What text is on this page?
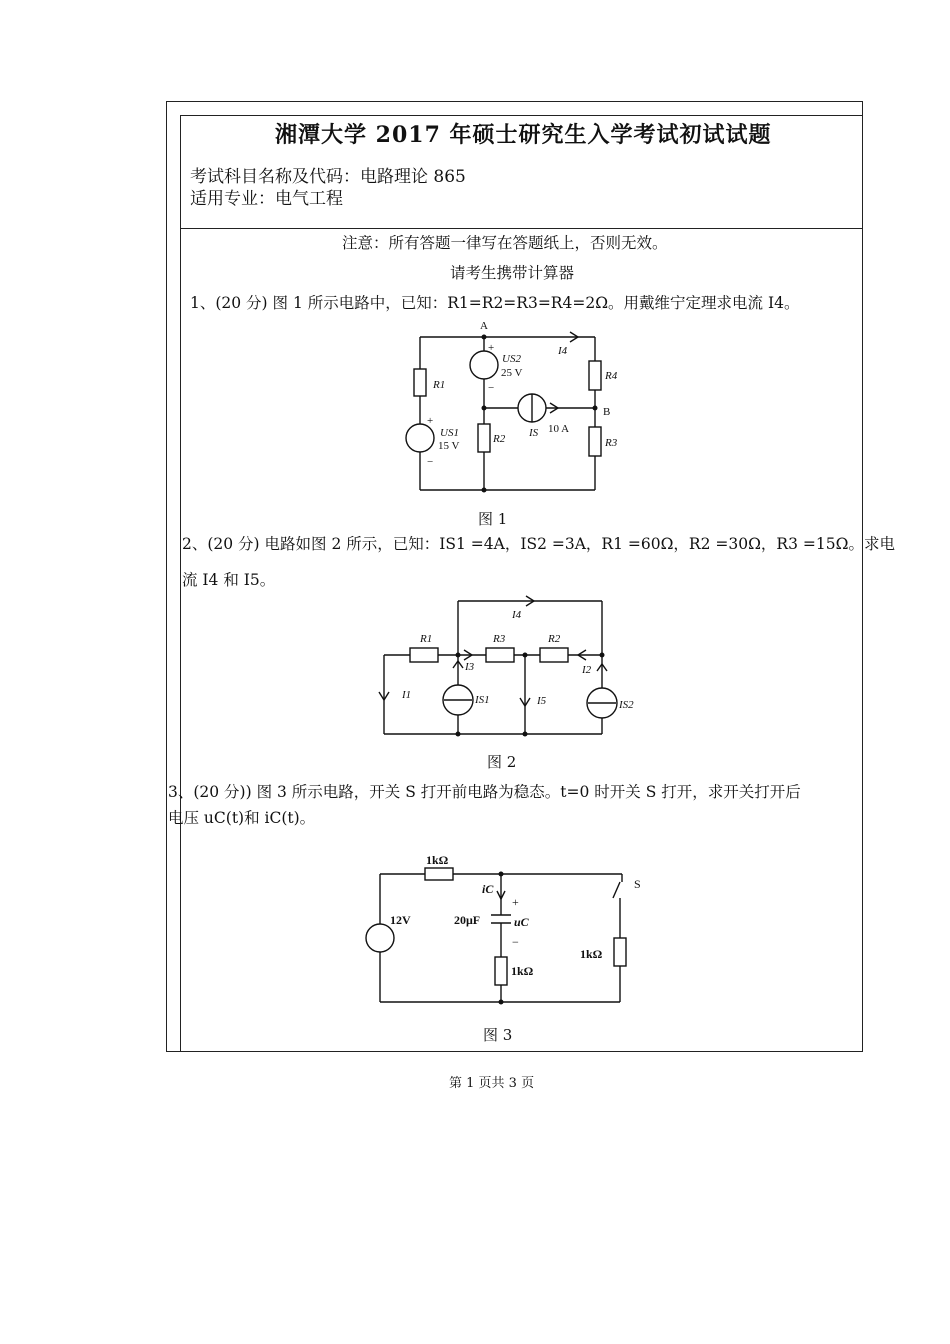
湘潭大学 2017 年硕士研究生入学考试初试试题
考试科目名称及代码：电路理论 865
适用专业：电气工程
注意：所有答题一律写在答题纸上，否则无效。
请考生携带计算器
1、(20 分) 图 1 所示电路中，已知：R1=R2=R3=R4=2Ω。用戴维宁定理求电流 I4。
A
B
R1
R2	R3
R4
I4
+
US1
15 V
−
+
US2
25 V
−
IS 10 A
图 1
2、(20 分) 电路如图 2 所示，已知：IS1 =4A，IS2 =3A，R1 =60Ω，R2 =30Ω，R3 =15Ω。求电
流 I4 和 I5。
I4
R1	R3	R2
I3	I2
I1	IS1	I5	IS2
图 2
3、(20 分)) 图 3 所示电路，开关 S 打开前电路为稳态。t=0 时开关 S 打开，求开关打开后
电压 uC(t)和 iC(t)。
1kΩ
iC
+
S
12V	20μF	uC
−
1kΩ
1kΩ
图 3
第 1 页共 3 页
